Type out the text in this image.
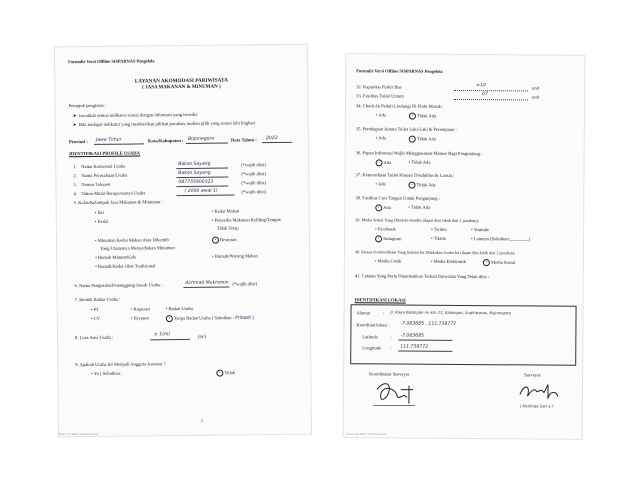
Formulir Versi Offline SISPARNAS Pengelola
LAYANAN AKOMODASI PARIWISATA
( JASA MAKANAN & MINUMAN )
Petunjuk pengisian :
➤ Jawablah semua indikator sesuai dengan informasi yang tersedia
➤ Bila terdapat indikator yang memberikan pilihan jawaban, mohon pilih yang sesuai lalu lingkari
Provinsi : Jawa Timur	Kota/Kabupaten : Bojonegoro	Data Tahun : 2022
IDENTIFIKASI PROFILE USAHA
1. Nama Komersial Usaha	Bakso Sayang	(*wajib diisi)
2. Nama Perusahaan/Usaha	Bakso Sayang	(*wajib diisi)
3. Nomor Telepon	087755900323	(*wajib diisi)
4. Tahun Mulai Beroperasinya Usaha	( 2000 awal 1)	(*wajib diisi)
5. Kelas/Kelompok Jasa Makanan & Minuman :
• Bar
• Kedai
• Minuman Kedai Makan Atau Dikemih
Yang Utamanya Menyediakan Minuman
• Rumah Minum/Kafe
• Rumah/Kedai Obat Tradisional
• Kedai Makan
• Penyedia Makanan Keliling/Tempat
Tidak Tetap
• Restoran
• Rumah/Warung Makan
6. Nama Pengusaha/Penanggung Jawab Usaha :	Achmad Mukromin (*wajib diisi)
7. Bentuk Badan Usaha :
• PT	• Koperasi	• Badan Usaha
• CV	• Yayasan	• Tanpa Badan Usaha ( Sebutkan : Pribadi )
8. Luas Area Usaha :
± 1(m)	(m²)
9. Apakah Usaha Ini Menjadi Anggota Asosiasi ?
• Ya ( Sebutkan :	• Tidak
1
Scanned with CamScanner
Formulir Versi Offline SISPARNAS Pengelola
32. Kapasitas Parkir Bus	±10	unit
33. Fasilitas Toilet Umum	07	unit
34. Check-In Peduli Lindungi Di Pintu Masuk :
• Ada	• Tidak Ada
35. Pembagian Antara Toilet Laki-Laki & Perempuan :
• Ada	• Tidak Ada
36. Papan Informasi Wajib Menggunakan Masker Bagi Pengunjung :
• Ada	• Tidak Ada
37. Ketersediaan Toilet Khusus Disabilitas & Lansia :
• Ada	• Tidak Ada
38. Fasilitas Cuci Tangan Untuk Pengunjung :
• Ada	• Tidak Ada
39. Media Sosial Yang Dikelola Sendiri (dapat diisi lebih dari 1 jawaban):
• Facebook	• Twitter	• Youtube
• Instagram	• Tiktok	• Lainnya (Sebutkan:________)
40. Sarana Promosi/Iklan Yang Selama Ini Dilakukan Usaha Ini (dapat diisi lebih dari 1 jawaban):
• Media Cetak	• Media Elektronik	• Media Sosial
41. Catatan Yang Perlu Ditambahkan Terkait Data-data Yang Telah diisi :
IDENTIFIKASI LOKASI
Alamat	: Jl. Raya Kalangan no km 21, Kalangan, Sugihwaras, Bojonegoro
Koordinat lokasi : -7.083685 , 111.738772
Latitude	: -7.083685
Longitude : 111.738772
Koordinator Surveyor	Surveyor
( Herlinda Dwi S )
Scanned with CamScanner
